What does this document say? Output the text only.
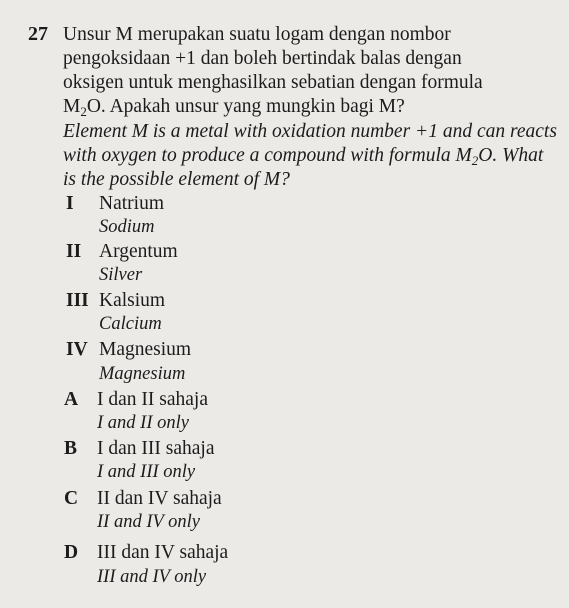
27 Unsur M merupakan suatu logam dengan nombor
pengoksidaan +1 dan boleh bertindak balas dengan
oksigen untuk menghasilkan sebatian dengan formula
$M_2O$. Apakah unsur yang mungkin bagi M?
Element M is a metal with oxidation number +1 and can reacts
with oxygen to produce a compound with formula $M_2O$. What
is the possible element of M?
I Natrium
Sodium
II Argentum
Silver
III Kalsium
Calcium
IV Magnesium
Magnesium
A I dan II sahaja
I and II only
B I dan III sahaja
I and III only
C II dan IV sahaja
II and IV only
D III dan IV sahaja
III and IV only
